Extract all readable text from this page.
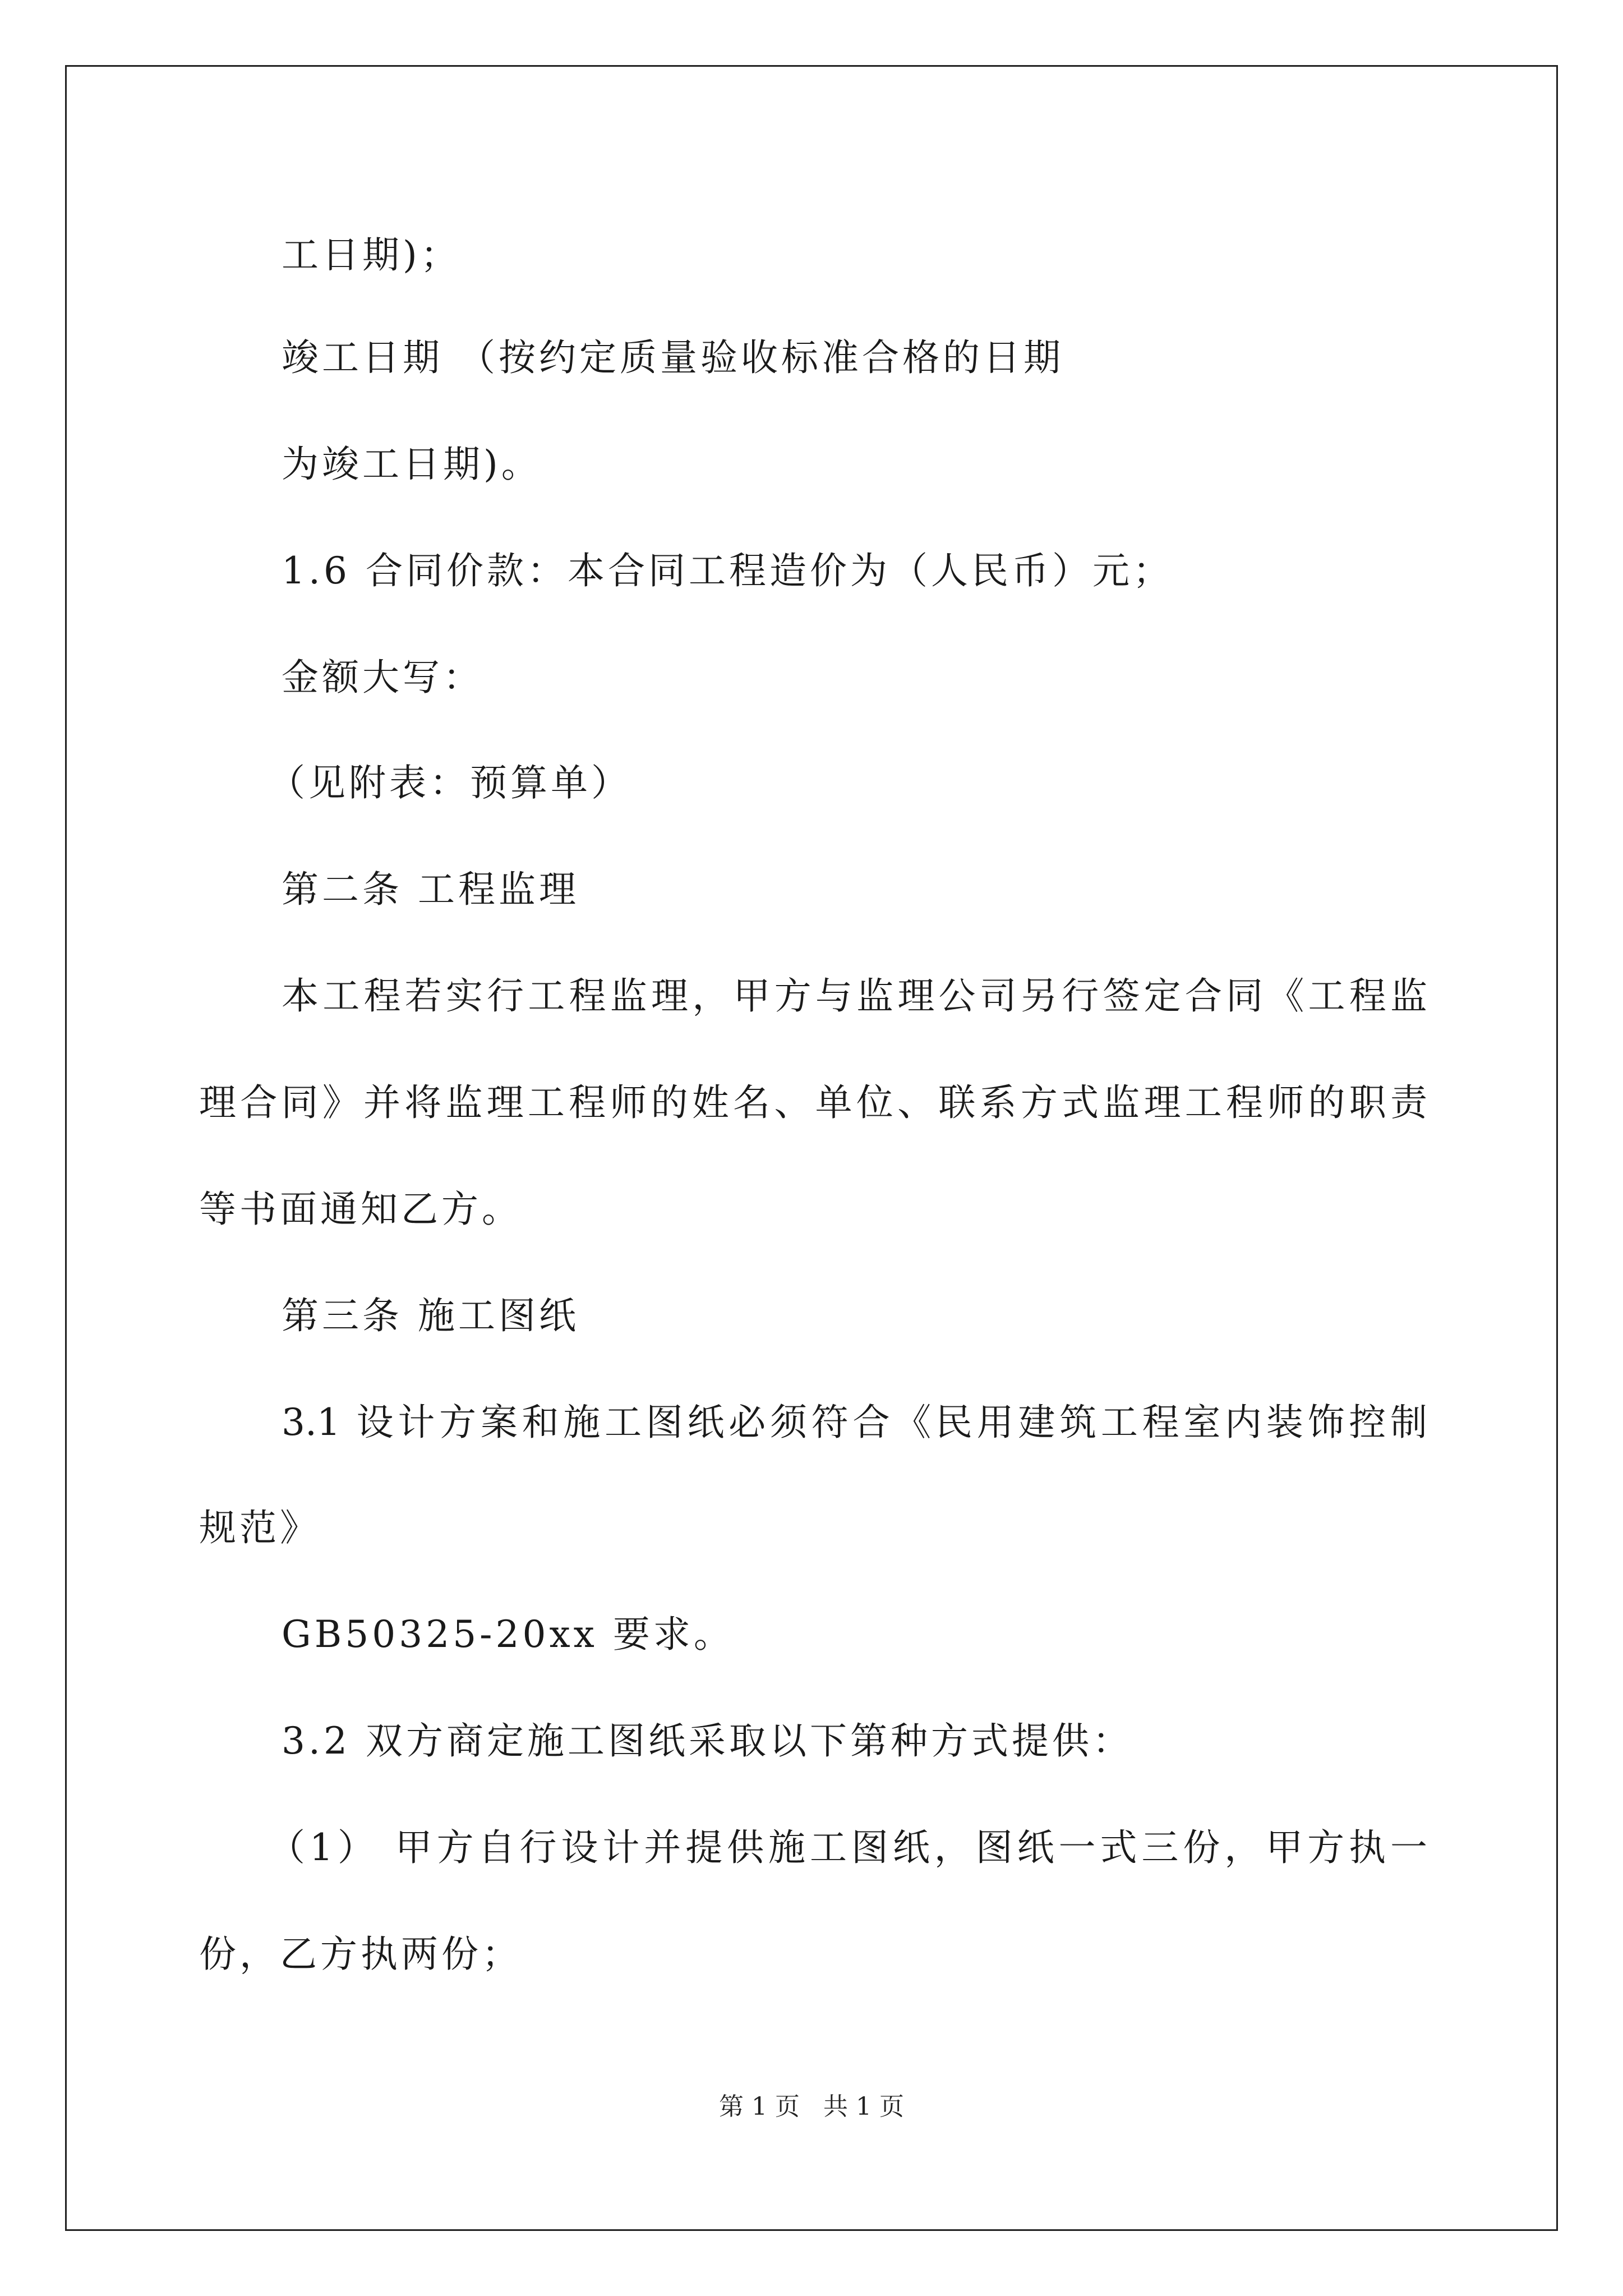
工日期)；
竣工日期 （按约定质量验收标准合格的日期
为竣工日期)。
1.6 合同价款：本合同工程造价为（人民币）元；
金额大写：
（见附表：预算单）
第二条 工程监理
本工程若实行工程监理，甲方与监理公司另行签定合同《工程监
理合同》并将监理工程师的姓名、单位、联系方式监理工程师的职责
等书面通知乙方。
第三条 施工图纸
3.1 设计方案和施工图纸必须符合《民用建筑工程室内装饰控制
规范》
GB50325-20xx 要求。
3.2 双方商定施工图纸采取以下第种方式提供：
（1） 甲方自行设计并提供施工图纸，图纸一式三份，甲方执一
份，乙方执两份；
第 1 页   共 1 页
